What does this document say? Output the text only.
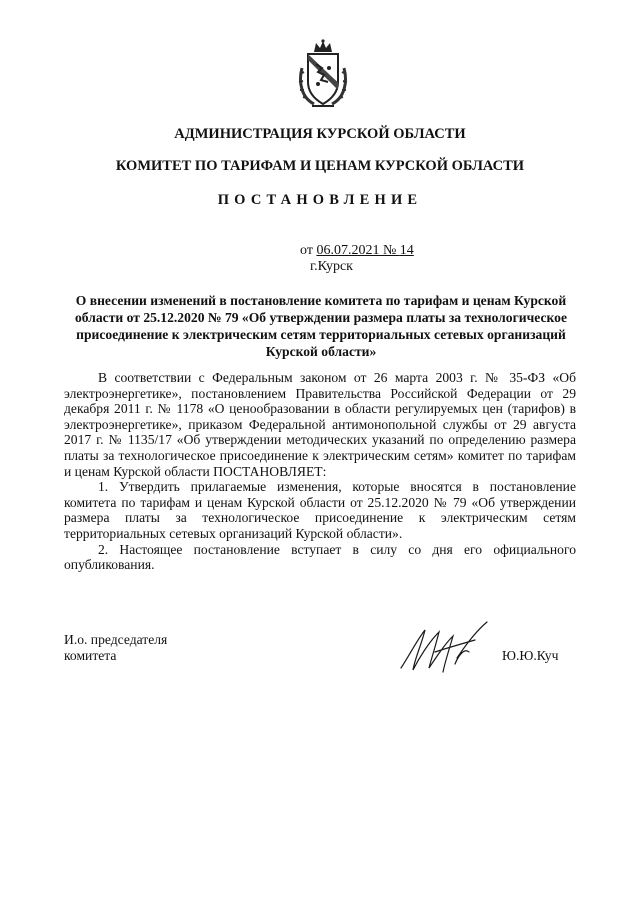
АДМИНИСТРАЦИЯ КУРСКОЙ ОБЛАСТИ
КОМИТЕТ ПО ТАРИФАМ И ЦЕНАМ КУРСКОЙ ОБЛАСТИ
ПОСТАНОВЛЕНИЕ
от 06.07.2021 № 14
г.Курск
О внесении изменений в постановление комитета по тарифам и ценам Курской области от 25.12.2020 № 79 «Об утверждении размера платы за технологическое присоединение к электрическим сетям территориальных сетевых организаций Курской области»

В соответствии с Федеральным законом от 26 марта 2003 г. № 35-ФЗ «Об электроэнергетике», постановлением Правительства Российской Федерации от 29 декабря 2011 г. № 1178 «О ценообразовании в области регулируемых цен (тарифов) в электроэнергетике», приказом Федеральной антимонопольной службы от 29 августа 2017 г. № 1135/17 «Об утверждении методических указаний по определению размера платы за технологическое присоединение к электрическим сетям» комитет по тарифам и ценам Курской области ПОСТАНОВЛЯЕТ:

1. Утвердить прилагаемые изменения, которые вносятся в постановление комитета по тарифам и ценам Курской области от 25.12.2020 № 79 «Об утверждении размера платы за технологическое присоединение к электрическим сетям территориальных сетевых организаций Курской области».

2. Настоящее постановление вступает в силу со дня его официального опубликования.

И.о. председателя
комитета	Ю.Ю.Куч
